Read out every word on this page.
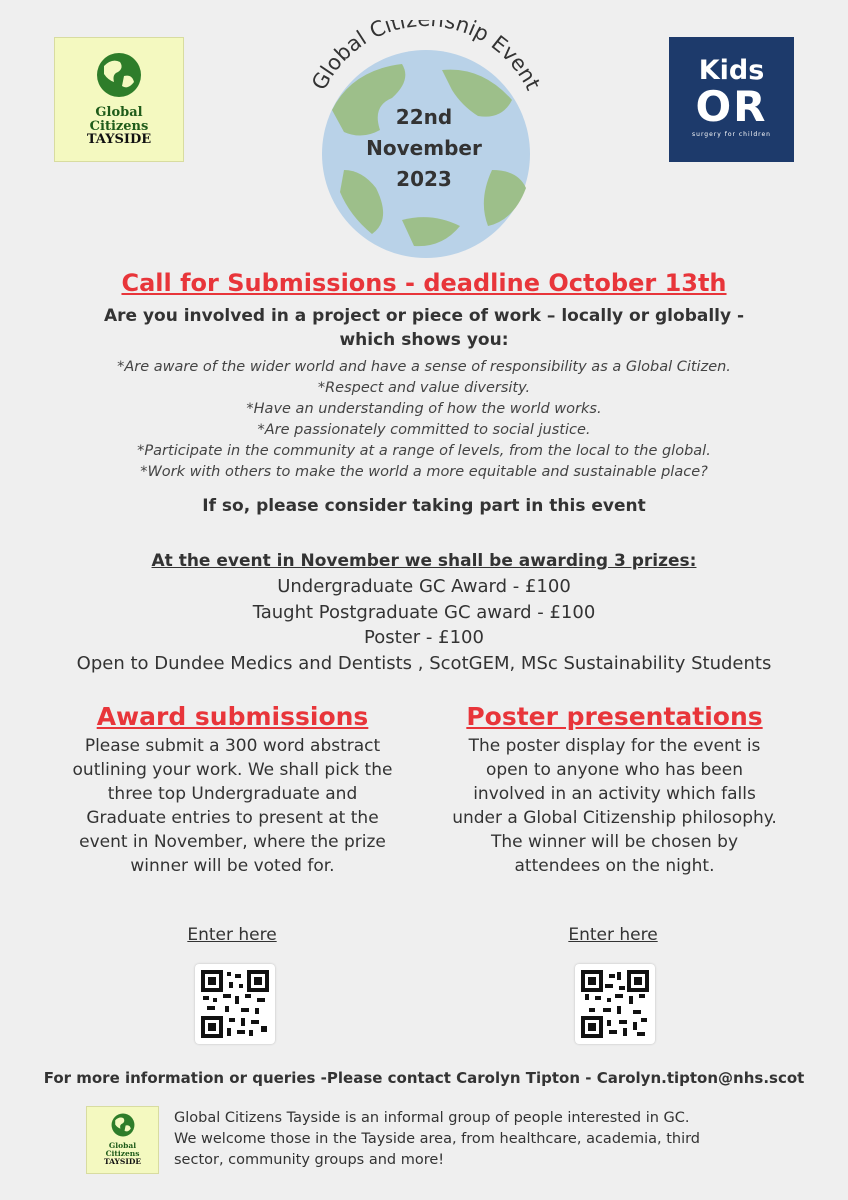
Global
Citizens
TAYSIDE
Global Citi ship Event
22nd
November
2023
Kids
OR
surgery for children
Call for Submissions - deadline October 13th
Are you involved in a project or piece of work – locally or globally -
which shows you:
*Are aware of the wider world and have a sense of responsibility as a Global Citizen.
*Respect and value diversity.
*Have an understanding of how the world works.
*Are passionately committed to social justice.
*Participate in the community at a range of levels, from the local to the global.
*Work with others to make the world a more equitable and sustainable place?
If so, please consider taking part in this event
At the event in November we shall be awarding 3 prizes:
Undergraduate GC Award - £100
Taught Postgraduate GC award - £100
Poster - £100
Open to Dundee Medics and Dentists , ScotGEM, MSc Sustainability Students
Award submissions
Please submit a 300 word abstract
outlining your work. We shall pick the
three top Undergraduate and
Graduate entries to present at the
event in November, where the prize
winner will be voted for.
Poster presentations
The poster display for the event is
open to anyone who has been
involved in an activity which falls
under a Global Citizenship philosophy.
The winner will be chosen by
attendees on the night.
Enter here	Enter here
For more information or queries -Please contact Carolyn Tipton - Carolyn.tipton@nhs.scot
Global
Citizens
TAYSIDE
Global Citizens Tayside is an informal group of people interested in GC.
We welcome those in the Tayside area, from healthcare, academia, third
sector, community groups and more!
